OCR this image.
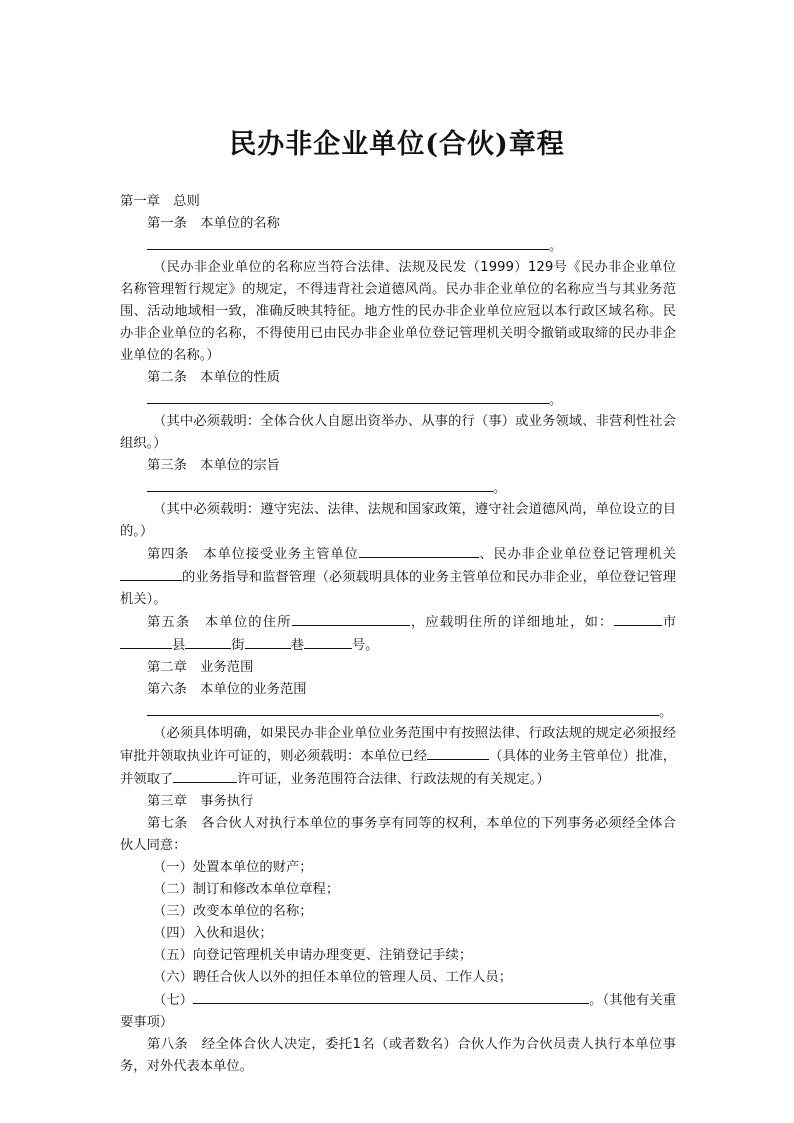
民办非企业单位(合伙)章程
第一章　总则
第一条　本单位的名称
。
（民办非企业单位的名称应当符合法律、法规及民发（1999）129号《民办非企业单位名称管理暂行规定》的规定，不得违背社会道德风尚。民办非企业单位的名称应当与其业务范围、活动地域相一致，准确反映其特征。地方性的民办非企业单位应冠以本行政区域名称。民办非企业单位的名称，不得使用已由民办非企业单位登记管理机关明令撤销或取缔的民办非企业单位的名称。）
第二条　本单位的性质
。
（其中必须载明：全体合伙人自愿出资举办、从事的行（事）或业务领域、非营利性社会组织。）
第三条　本单位的宗旨
。
（其中必须载明：遵守宪法、法律、法规和国家政策，遵守社会道德风尚，单位设立的目的。）
第四条　本单位接受业务主管单位	、民办非企业单位登记管理机关的业务指导和监督管理（必须载明具体的业务主管单位和民办非企业，单位登记管理机关）。
第五条　本单位的住所	，应载明住所的详细地址，如：	市县	街	巷	号。
第二章　业务范围
第六条　本单位的业务范围
。
（必须具体明确，如果民办非企业单位业务范围中有按照法律、行政法规的规定必须报经审批并领取执业许可证的，则必须载明：本单位已经	（具体的业务主管单位）批准，并领取了	许可证，业务范围符合法律、行政法规的有关规定。）
第三章　事务执行
第七条　各合伙人对执行本单位的事务享有同等的权利，本单位的下列事务必须经全体合伙人同意：
（一）处置本单位的财产；
（二）制订和修改本单位章程；
（三）改变本单位的名称；
（四）入伙和退伙；
（五）向登记管理机关申请办理变更、注销登记手续；
（六）聘任合伙人以外的担任本单位的管理人员、工作人员；
（七）	。（其他有关重要事项）
第八条　经全体合伙人决定，委托1名（或者数名）合伙人作为合伙员责人执行本单位事务，对外代表本单位。
